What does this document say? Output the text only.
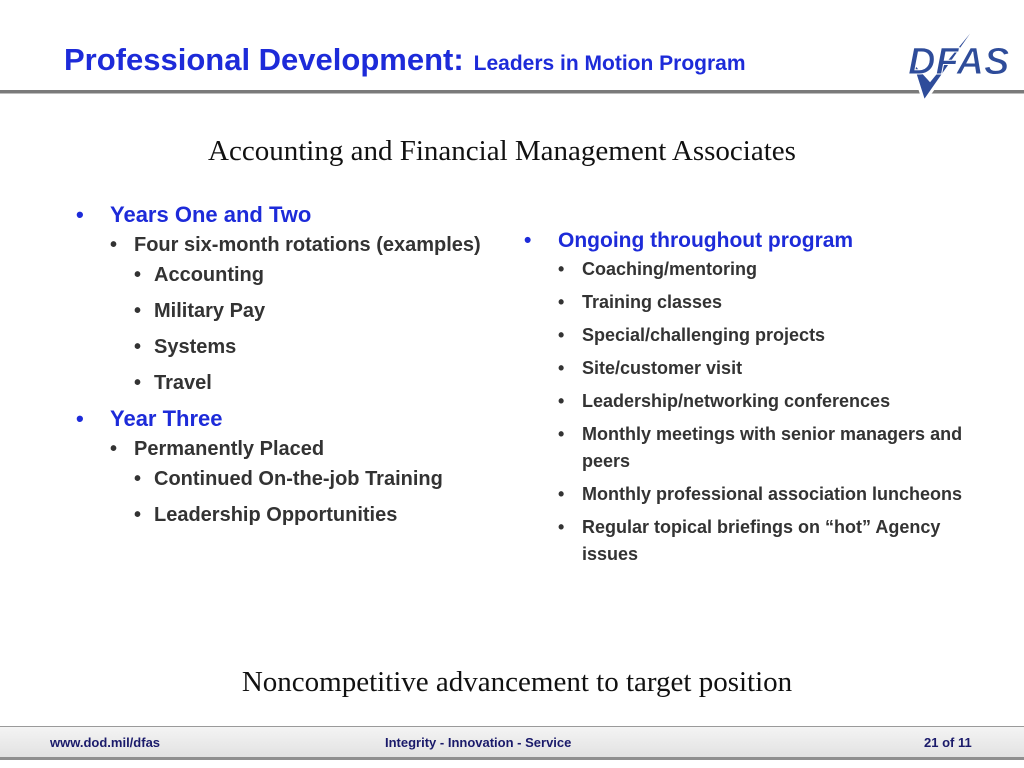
Professional Development: Leaders in Motion Program	DFAS
Accounting and Financial Management Associates
• Years One and Two
• Four six-month rotations (examples)
• Accounting
• Military Pay
• Systems
• Travel
• Year Three
• Permanently Placed
• Continued On-the-job Training
• Leadership Opportunities
• Ongoing throughout program
• Coaching/mentoring
• Training classes
• Special/challenging projects
• Site/customer visit
• Leadership/networking conferences
• Monthly meetings with senior managers and peers
• Monthly professional association luncheons
• Regular topical briefings on “hot” Agency issues
Noncompetitive advancement to target position
www.dod.mil/dfas	Integrity - Innovation - Service	21 of 11
